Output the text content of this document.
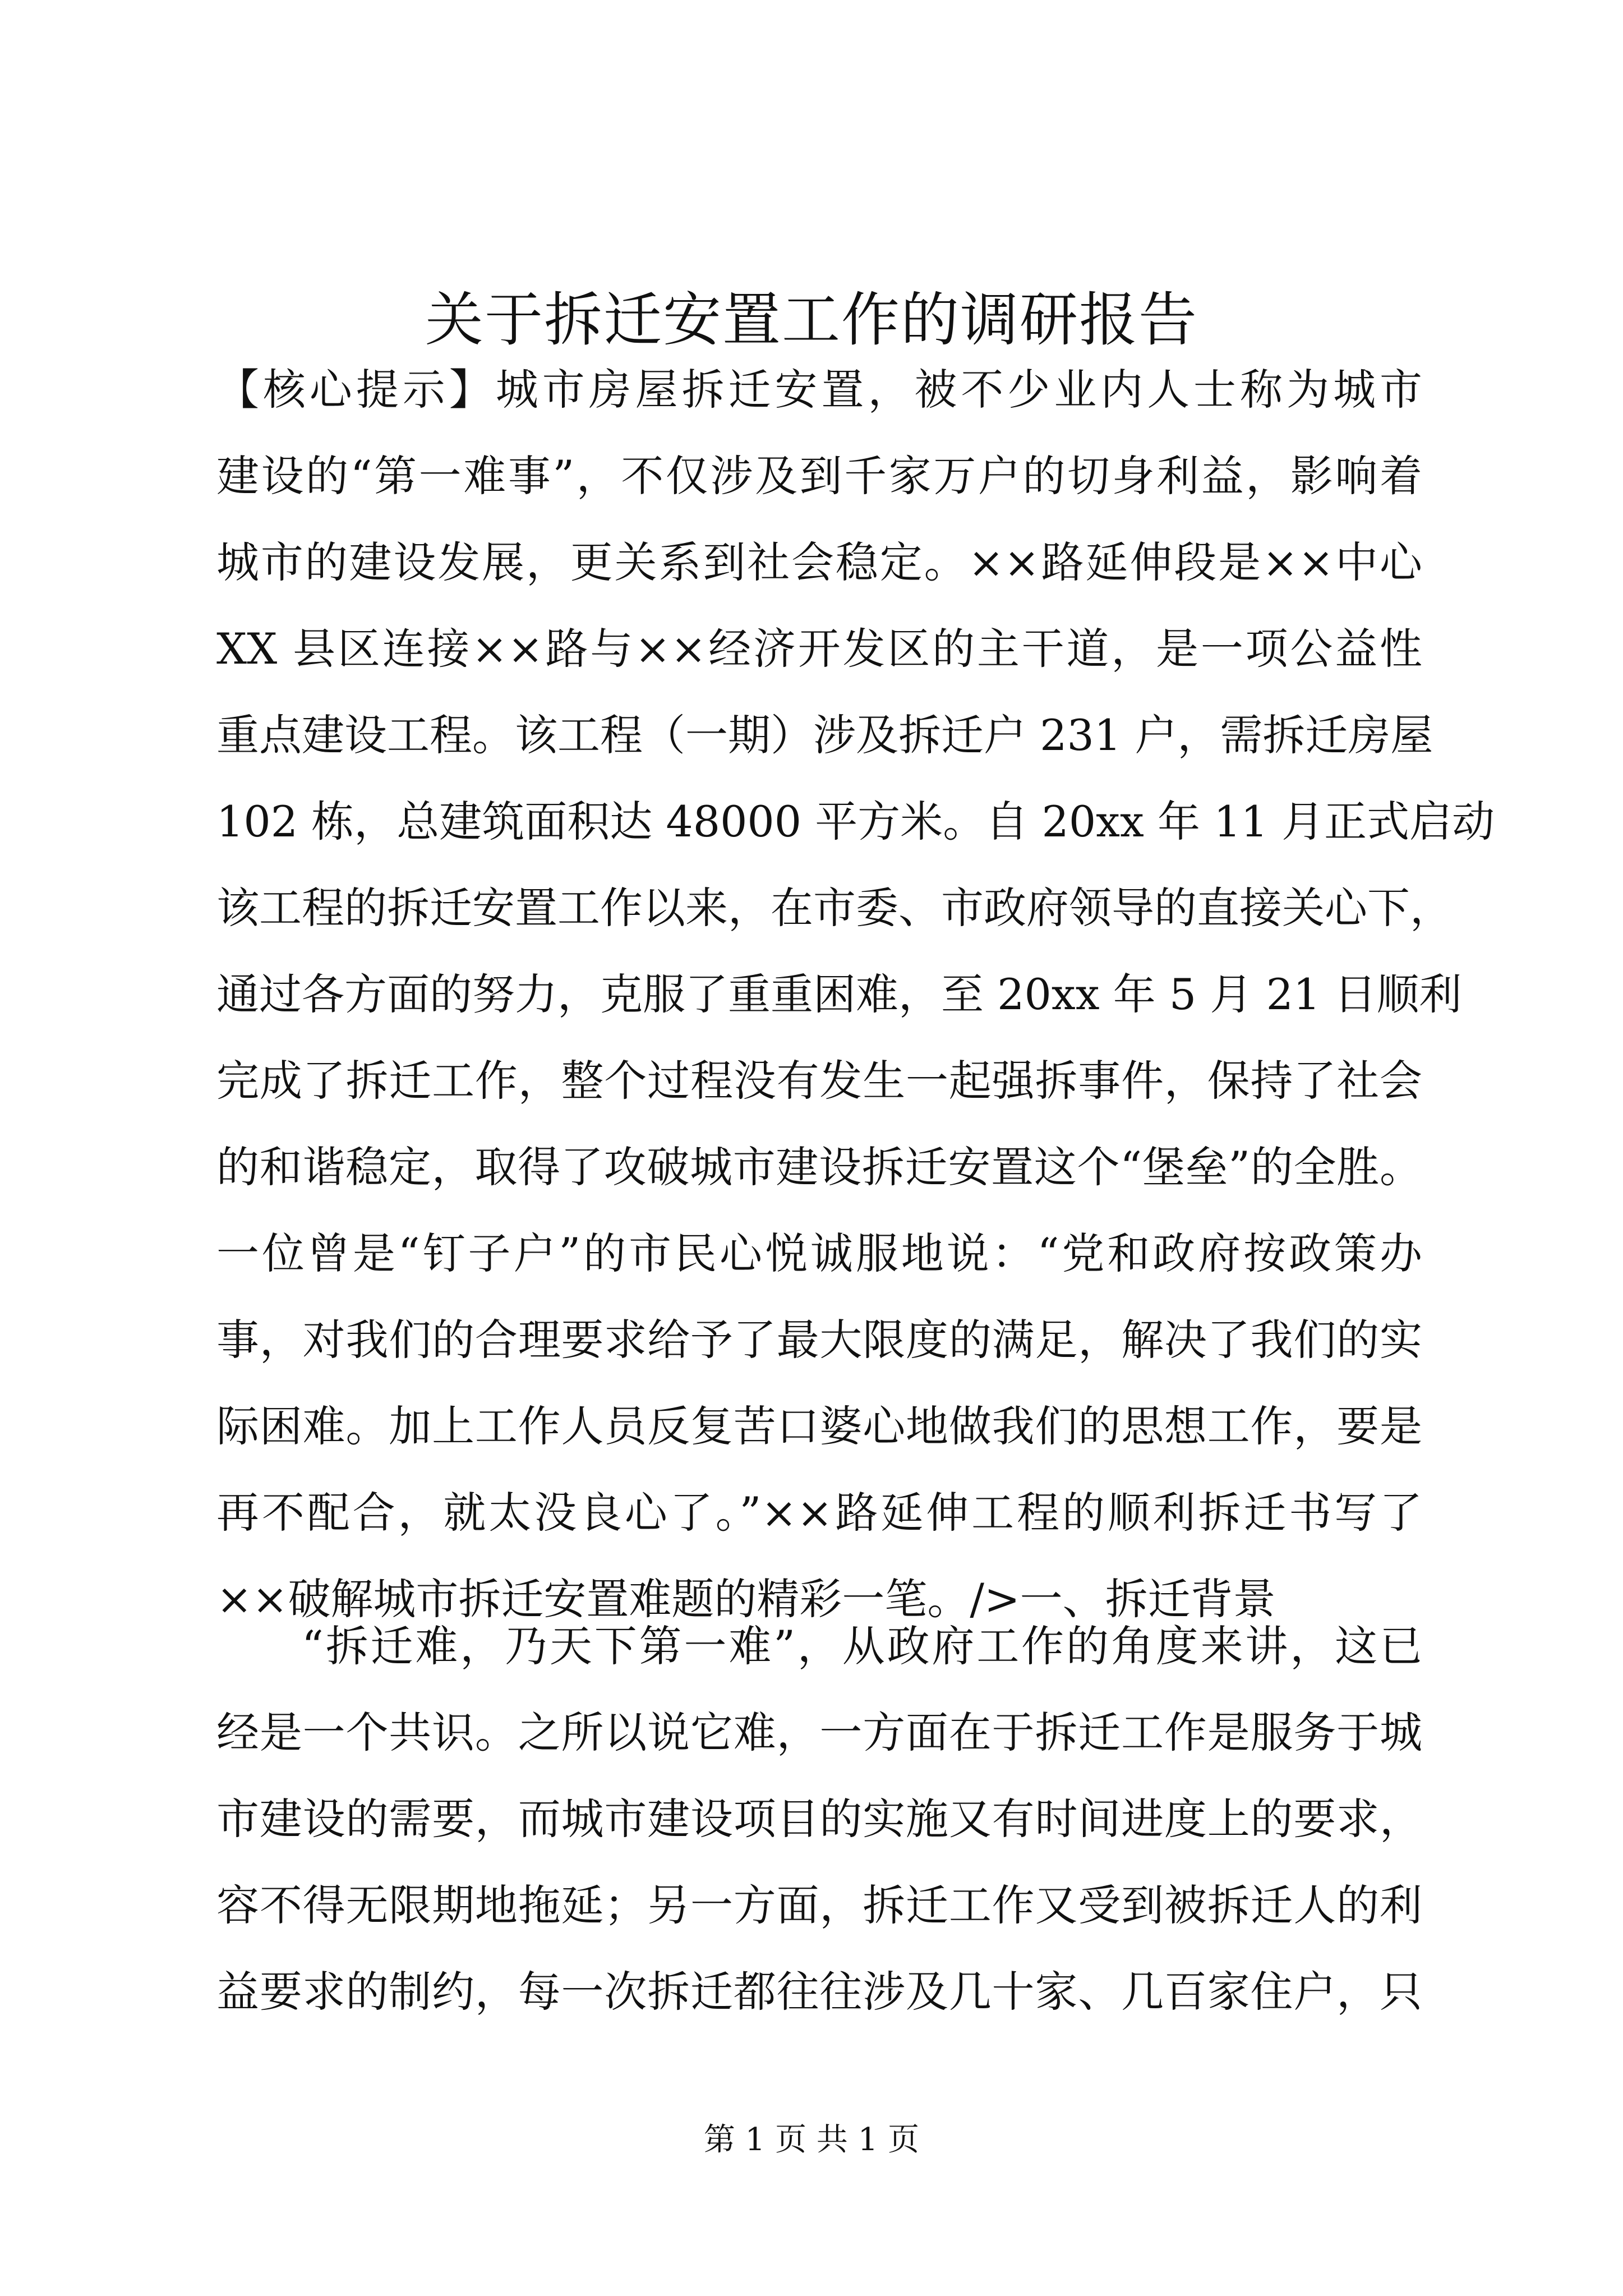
关于拆迁安置工作的调研报告
【核心提示】城市房屋拆迁安置，被不少业内人士称为城市
建设的“第一难事”，不仅涉及到千家万户的切身利益，影响着
城市的建设发展，更关系到社会稳定。××路延伸段是××中心
XX 县区连接××路与××经济开发区的主干道，是一项公益性
重点建设工程。该工程（一期）涉及拆迁户 231 户，需拆迁房屋
102 栋，总建筑面积达 48000 平方米。自 20xx 年 11 月正式启动
该工程的拆迁安置工作以来，在市委、市政府领导的直接关心下，
通过各方面的努力，克服了重重困难，至 20xx 年 5 月 21 日顺利
完成了拆迁工作，整个过程没有发生一起强拆事件，保持了社会
的和谐稳定，取得了攻破城市建设拆迁安置这个“堡垒”的全胜。
一位曾是“钉子户”的市民心悦诚服地说：“党和政府按政策办
事，对我们的合理要求给予了最大限度的满足，解决了我们的实
际困难。加上工作人员反复苦口婆心地做我们的思想工作，要是
再不配合，就太没良心了。”××路延伸工程的顺利拆迁书写了
××破解城市拆迁安置难题的精彩一笔。/>一、拆迁背景
“拆迁难，乃天下第一难”，从政府工作的角度来讲，这已
经是一个共识。之所以说它难，一方面在于拆迁工作是服务于城
市建设的需要，而城市建设项目的实施又有时间进度上的要求，
容不得无限期地拖延；另一方面，拆迁工作又受到被拆迁人的利
益要求的制约，每一次拆迁都往往涉及几十家、几百家住户，只
第 1 页 共 1 页
